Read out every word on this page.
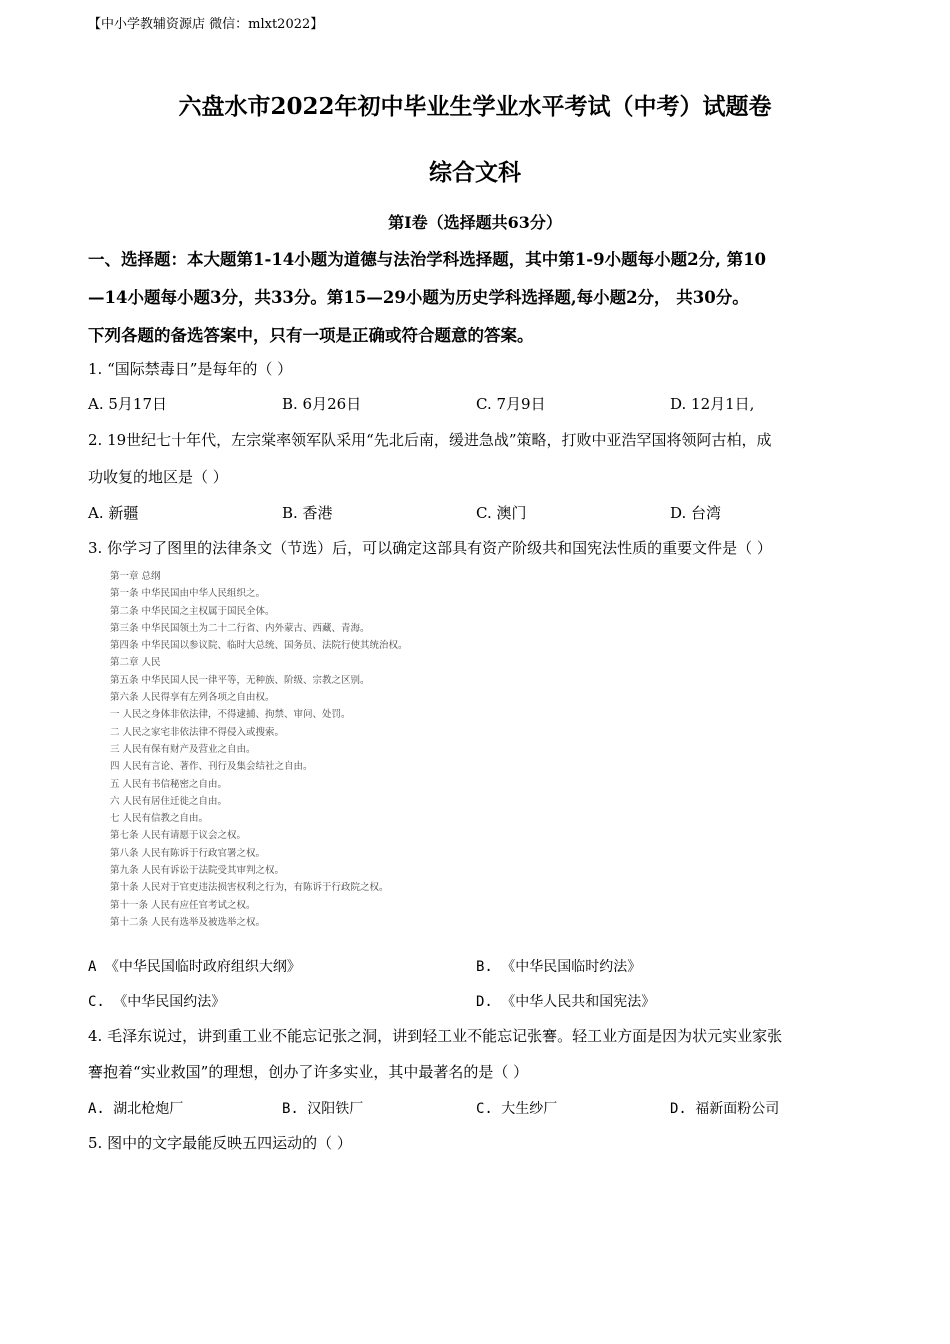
【中小学教辅资源店 微信：mlxt2022】
六盘水市2022年初中毕业生学业水平考试（中考）试题卷
综合文科
第Ⅰ卷（选择题共63分）
一、选择题：本大题第1-14小题为道德与法治学科选择题，其中第1-9小题每小题2分, 第10
—14小题每小题3分，共33分。第15—29小题为历史学科选择题,每小题2分， 共30分。
下列各题的备选答案中，只有一项是正确或符合题意的答案。
1. “国际禁毒日”是每年的（ ）
A. 5月17日	B. 6月26日	C. 7月9日	D. 12月1日,
2. 19世纪七十年代，左宗棠率领军队采用“先北后南，缓进急战”策略，打败中亚浩罕国将领阿古柏，成
功收复的地区是（ ）
A. 新疆	B. 香港	C. 澳门	D. 台湾
3. 你学习了图里的法律条文（节选）后，可以确定这部具有资产阶级共和国宪法性质的重要文件是（ ）
第一章 总纲
第一条 中华民国由中华人民组织之。
第二条 中华民国之主权属于国民全体。
第三条 中华民国领土为二十二行省、内外蒙古、西藏、青海。
第四条 中华民国以参议院、临时大总统、国务员、法院行使其统治权。
第二章 人民
第五条 中华民国人民一律平等，无种族、阶级、宗教之区别。
第六条 人民得享有左列各项之自由权。
一 人民之身体非依法律，不得逮捕、拘禁、审问、处罚。
二 人民之家宅非依法律不得侵入或搜索。
三 人民有保有财产及营业之自由。
四 人民有言论、著作、刊行及集会结社之自由。
五 人民有书信秘密之自由。
六 人民有居住迁徙之自由。
七 人民有信教之自由。
第七条 人民有请愿于议会之权。
第八条 人民有陈诉于行政官署之权。
第九条 人民有诉讼于法院受其审判之权。
第十条 人民对于官吏违法损害权利之行为，有陈诉于行政院之权。
第十一条 人民有应任官考试之权。
第十二条 人民有选举及被选举之权。
A 《中华民国临时政府组织大纲》	B. 《中华民国临时约法》
C. 《中华民国约法》	D. 《中华人民共和国宪法》
4. 毛泽东说过，讲到重工业不能忘记张之洞，讲到轻工业不能忘记张謇。轻工业方面是因为状元实业家张
謇抱着“实业救国”的理想，创办了许多实业，其中最著名的是（ ）
A. 湖北枪炮厂	B. 汉阳铁厂	C. 大生纱厂	D. 福新面粉公司
5. 图中的文字最能反映五四运动的（ ）
